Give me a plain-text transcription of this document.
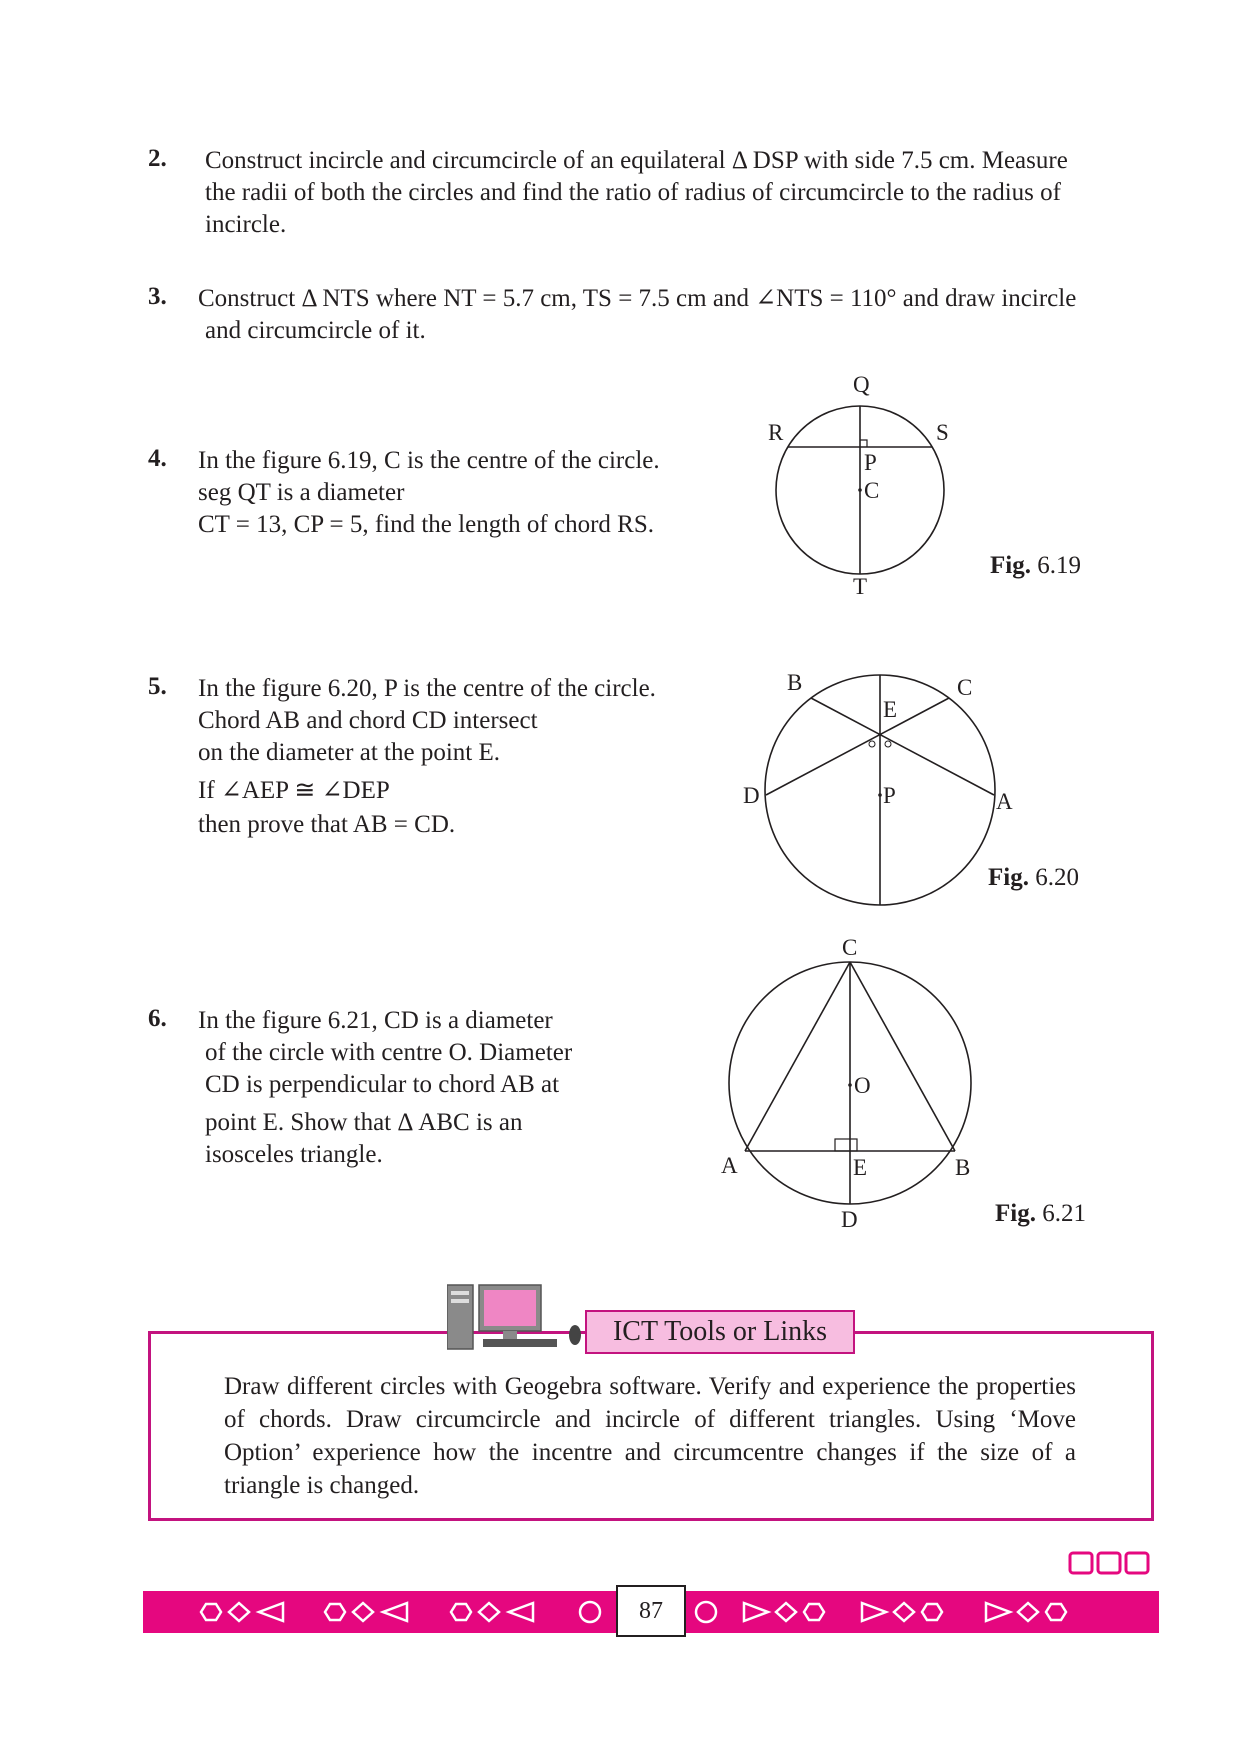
2. Construct incircle and circumcircle of an equilateral Δ DSP with side 7.5 cm. Measure
the radii of both the circles and find the ratio of radius of circumcircle to the radius of
incircle.
3. Construct Δ NTS where NT = 5.7 cm, TS = 7.5 cm and ∠NTS = 110° and draw incircle
and circumcircle of it.
4. In the figure 6.19, C is the centre of the circle.
seg QT is a diameter
CT = 13, CP = 5, find the length of chord RS.
Q
R	S
P
C
T
Fig. 6.19
5. In the figure 6.20, P is the centre of the circle.
Chord AB and chord CD intersect
on the diameter at the point E.
If ∠AEP ≅ ∠DEP
then prove that AB = CD.
B	C
E
D	P	A
Fig. 6.20
6. In the figure 6.21, CD is a diameter
of the circle with centre O. Diameter
CD is perpendicular to chord AB at
point E. Show that Δ ABC is an
isosceles triangle.
C
O
A	E	B
D	Fig. 6.21
ICT Tools or Links
Draw different circles with Geogebra software. Verify and experience the properties of chords. Draw circumcircle and incircle of different triangles. Using ‘Move Option’ experience how the incentre and circumcentre changes if the size of a triangle is changed.
87
